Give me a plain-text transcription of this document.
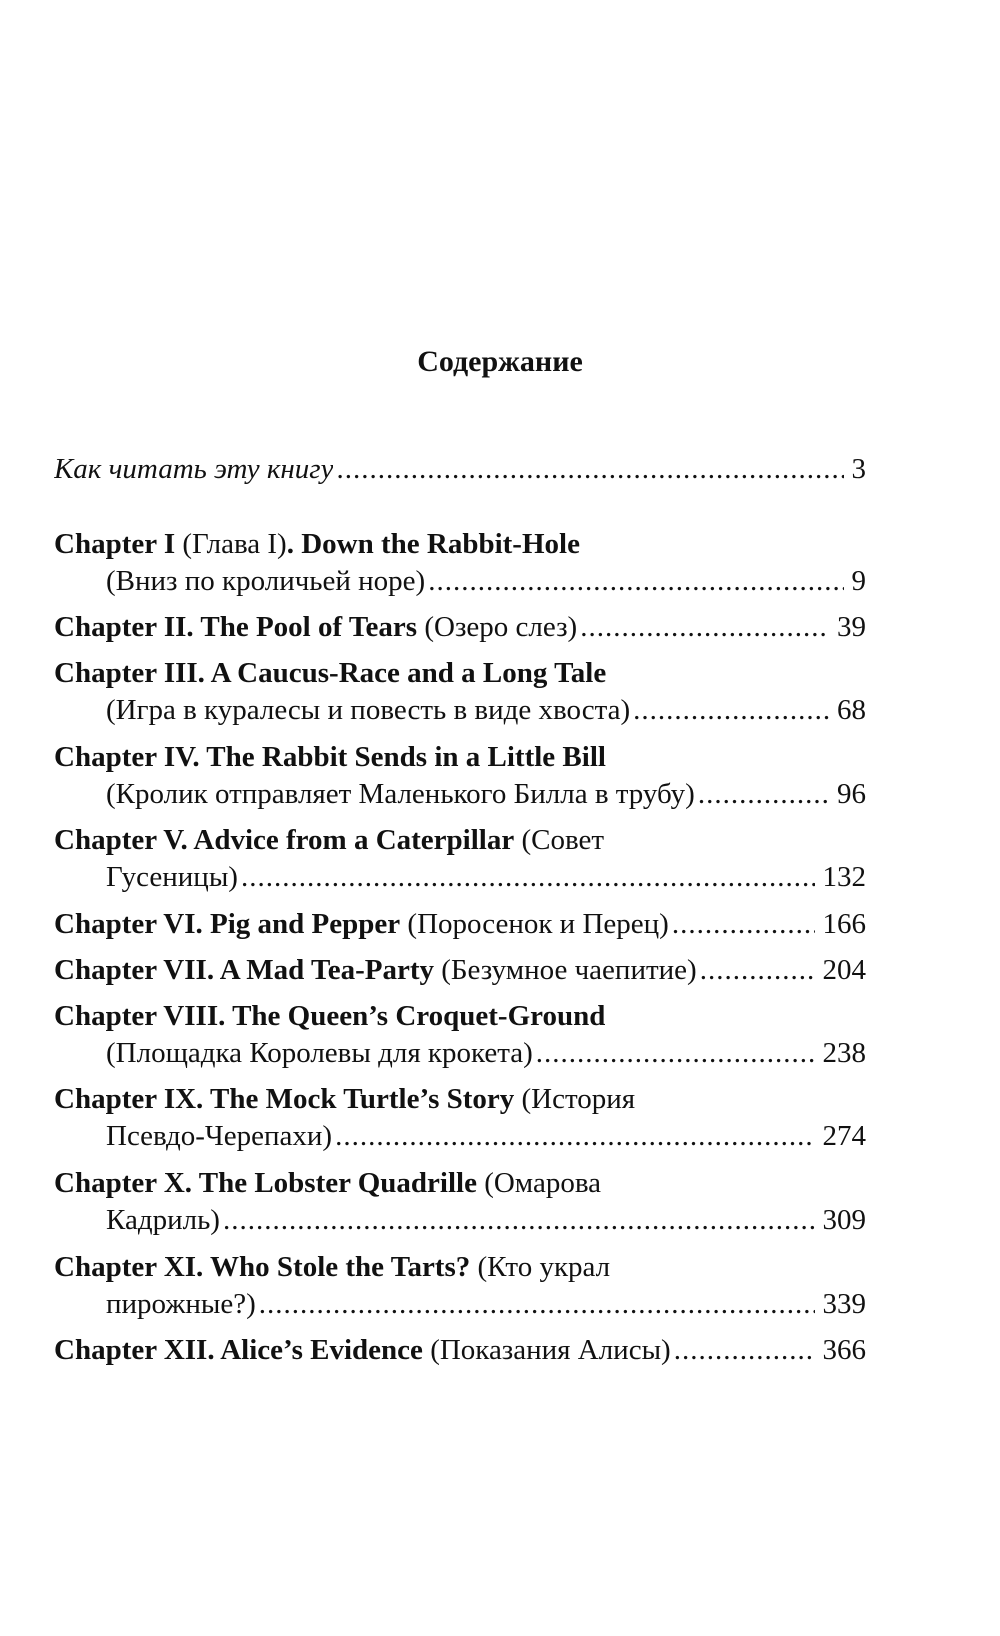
Содержание
Как читать эту книгу .....	3
Chapter I (Глава I). Down the Rabbit-Hole
(Вниз по кроличьей норе) .....	9
Chapter II. The Pool of Tears (Озеро слез) .....	39
Chapter III. A Caucus-Race and a Long Tale
(Игра в куралесы и повесть в виде хвоста) .....	68
Chapter IV. The Rabbit Sends in a Little Bill
(Кролик отправляет Маленького Билла в трубу) .....	96
Chapter V. Advice from a Caterpillar (Совет
Гусеницы) .....	132
Chapter VI. Pig and Pepper (Поросенок и Перец) .....	166
Chapter VII. A Mad Tea-Party (Безумное чаепитие) .....	204
Chapter VIII. The Queen’s Croquet-Ground
(Площадка Королевы для крокета) .....	238
Chapter IX. The Mock Turtle’s Story (История
Псевдо-Черепахи) .....	274
Chapter X. The Lobster Quadrille (Омарова
Кадриль) .....	309
Chapter XI. Who Stole the Tarts? (Кто украл
пирожные?) .....	339
Chapter XII. Alice’s Evidence (Показания Алисы) .....	366
